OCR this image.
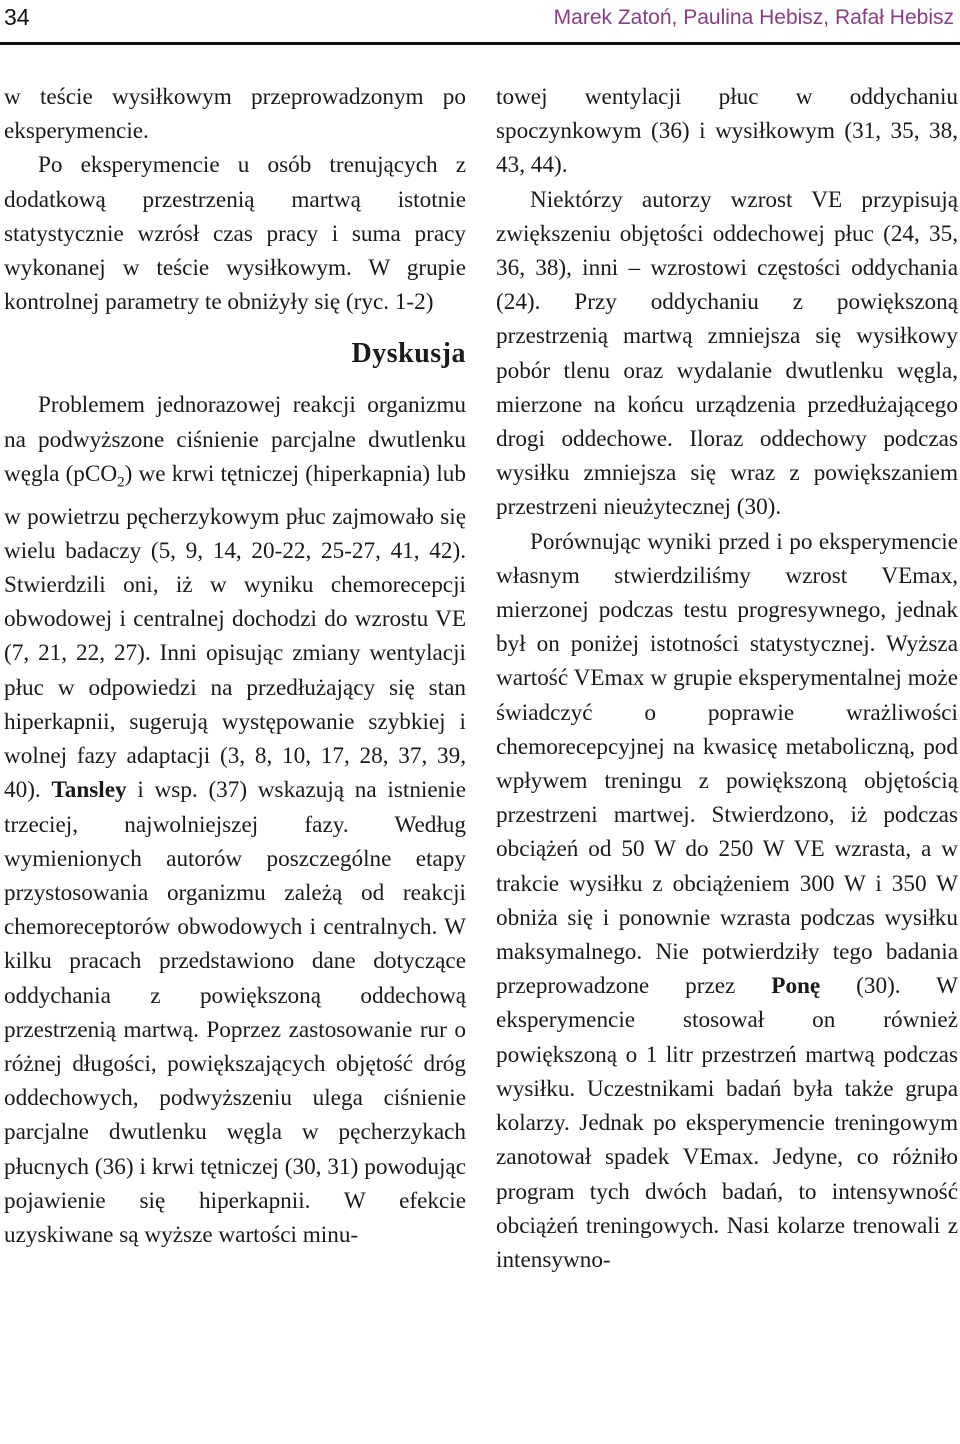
34	Marek Zatoń, Paulina Hebisz, Rafał Hebisz

w teście wysiłkowym przeprowadzonym po eksperymencie.

Po eksperymencie u osób trenujących z dodatkową przestrzenią martwą istotnie statystycznie wzrósł czas pracy i suma pracy wykonanej w teście wysiłkowym. W grupie kontrolnej parametry te obniżyły się (ryc. 1-2)

Dyskusja

Problemem jednorazowej reakcji organizmu na podwyższone ciśnienie parcjalne dwutlenku węgla (pCO$_2$) we krwi tętniczej (hiperkapnia) lub w powietrzu pęcherzykowym płuc zajmowało się wielu badaczy (5, 9, 14, 20-22, 25-27, 41, 42). Stwierdzili oni, iż w wyniku chemorecepcji obwodowej i centralnej dochodzi do wzrostu VE (7, 21, 22, 27). Inni opisując zmiany wentylacji płuc w odpowiedzi na przedłużający się stan hiperkapnii, sugerują występowanie szybkiej i wolnej fazy adaptacji (3, 8, 10, 17, 28, 37, 39, 40). Tansley i wsp. (37) wskazują na istnienie trzeciej, najwolniejszej fazy. Według wymienionych autorów poszczególne etapy przystosowania organizmu zależą od reakcji chemoreceptorów obwodowych i centralnych. W kilku pracach przedstawiono dane dotyczące oddychania z powiększoną oddechową przestrzenią martwą. Poprzez zastosowanie rur o różnej długości, powiększających objętość dróg oddechowych, podwyższeniu ulega ciśnienie parcjalne dwutlenku węgla w pęcherzykach płucnych (36) i krwi tętniczej (30, 31) powodując pojawienie się hiperkapnii. W efekcie uzyskiwane są wyższe wartości minu-

towej wentylacji płuc w oddychaniu spoczynkowym (36) i wysiłkowym (31, 35, 38, 43, 44).

Niektórzy autorzy wzrost VE przypisują zwiększeniu objętości oddechowej płuc (24, 35, 36, 38), inni – wzrostowi częstości oddychania (24). Przy oddychaniu z powiększoną przestrzenią martwą zmniejsza się wysiłkowy pobór tlenu oraz wydalanie dwutlenku węgla, mierzone na końcu urządzenia przedłużającego drogi oddechowe. Iloraz oddechowy podczas wysiłku zmniejsza się wraz z powiększaniem przestrzeni nieużytecznej (30).

Porównując wyniki przed i po eksperymencie własnym stwierdziliśmy wzrost VEmax, mierzonej podczas testu progresywnego, jednak był on poniżej istotności statystycznej. Wyższa wartość VEmax w grupie eksperymentalnej może świadczyć o poprawie wrażliwości chemorecepcyjnej na kwasicę metaboliczną, pod wpływem treningu z powiększoną objętością przestrzeni martwej. Stwierdzono, iż podczas obciążeń od 50 W do 250 W VE wzrasta, a w trakcie wysiłku z obciążeniem 300 W i 350 W obniża się i ponownie wzrasta podczas wysiłku maksymalnego. Nie potwierdziły tego badania przeprowadzone przez Ponę (30). W eksperymencie stosował on również powiększoną o 1 litr przestrzeń martwą podczas wysiłku. Uczestnikami badań była także grupa kolarzy. Jednak po eksperymencie treningowym zanotował spadek VEmax. Jedyne, co różniło program tych dwóch badań, to intensywność obciążeń treningowych. Nasi kolarze trenowali z intensywno-
